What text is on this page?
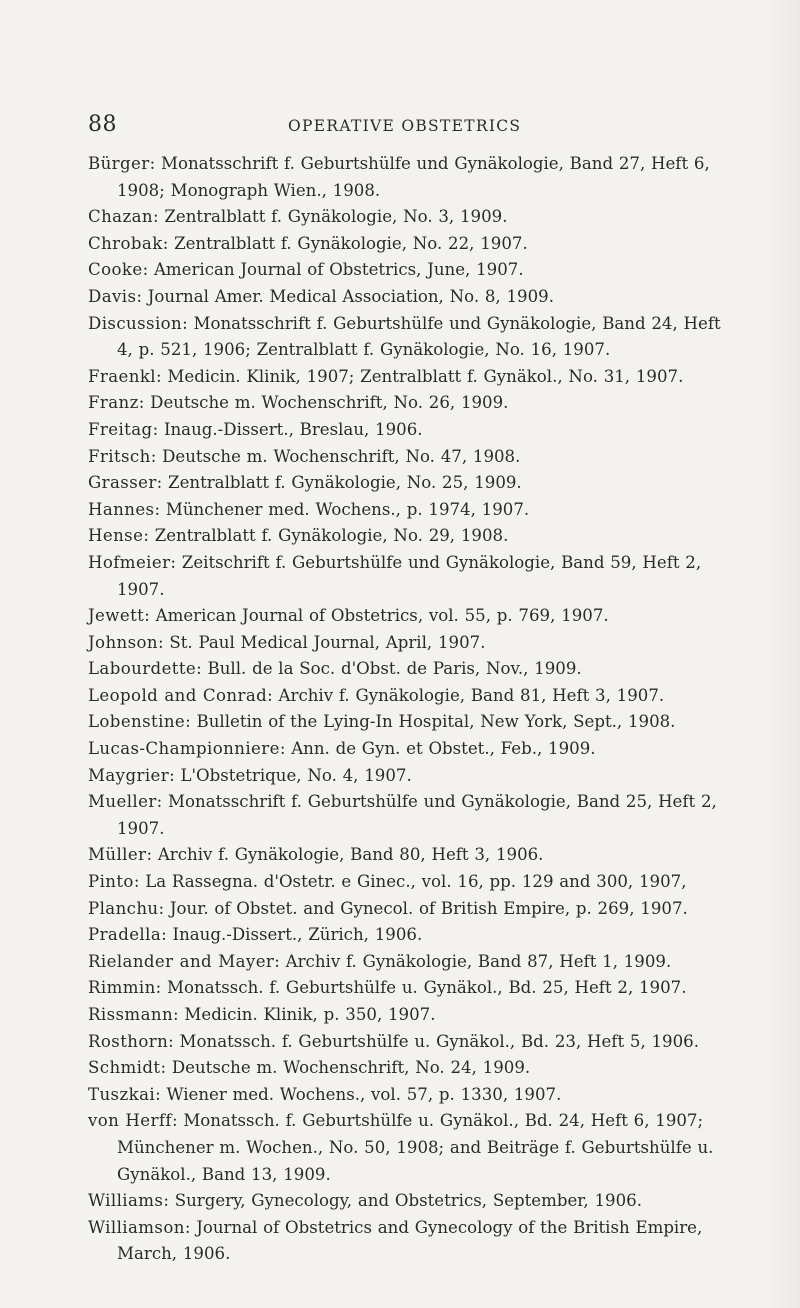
88	OPERATIVE OBSTETRICS
Bürger: Monatsschrift f. Geburtshülfe und Gynäkologie, Band 27, Heft 6, 1908; Monograph Wien., 1908.
Chazan: Zentralblatt f. Gynäkologie, No. 3, 1909.
Chrobak: Zentralblatt f. Gynäkologie, No. 22, 1907.
Cooke: American Journal of Obstetrics, June, 1907.
Davis: Journal Amer. Medical Association, No. 8, 1909.
Discussion: Monatsschrift f. Geburtshülfe und Gynäkologie, Band 24, Heft 4, p. 521, 1906; Zentralblatt f. Gynäkologie, No. 16, 1907.
Fraenkl: Medicin. Klinik, 1907; Zentralblatt f. Gynäkol., No. 31, 1907.
Franz: Deutsche m. Wochenschrift, No. 26, 1909.
Freitag: Inaug.-Dissert., Breslau, 1906.
Fritsch: Deutsche m. Wochenschrift, No. 47, 1908.
Grasser: Zentralblatt f. Gynäkologie, No. 25, 1909.
Hannes: Münchener med. Wochens., p. 1974, 1907.
Hense: Zentralblatt f. Gynäkologie, No. 29, 1908.
Hofmeier: Zeitschrift f. Geburtshülfe und Gynäkologie, Band 59, Heft 2, 1907.
Jewett: American Journal of Obstetrics, vol. 55, p. 769, 1907.
Johnson: St. Paul Medical Journal, April, 1907.
Labourdette: Bull. de la Soc. d'Obst. de Paris, Nov., 1909.
Leopold and Conrad: Archiv f. Gynäkologie, Band 81, Heft 3, 1907.
Lobenstine: Bulletin of the Lying-In Hospital, New York, Sept., 1908.
Lucas-Championniere: Ann. de Gyn. et Obstet., Feb., 1909.
Maygrier: L'Obstetrique, No. 4, 1907.
Mueller: Monatsschrift f. Geburtshülfe und Gynäkologie, Band 25, Heft 2, 1907.
Müller: Archiv f. Gynäkologie, Band 80, Heft 3, 1906.
Pinto: La Rassegna. d'Ostetr. e Ginec., vol. 16, pp. 129 and 300, 1907,
Planchu: Jour. of Obstet. and Gynecol. of British Empire, p. 269, 1907.
Pradella: Inaug.-Dissert., Zürich, 1906.
Rielander and Mayer: Archiv f. Gynäkologie, Band 87, Heft 1, 1909.
Rimmin: Monatssch. f. Geburtshülfe u. Gynäkol., Bd. 25, Heft 2, 1907.
Rissmann: Medicin. Klinik, p. 350, 1907.
Rosthorn: Monatssch. f. Geburtshülfe u. Gynäkol., Bd. 23, Heft 5, 1906.
Schmidt: Deutsche m. Wochenschrift, No. 24, 1909.
Tuszkai: Wiener med. Wochens., vol. 57, p. 1330, 1907.
von Herff: Monatssch. f. Geburtshülfe u. Gynäkol., Bd. 24, Heft 6, 1907; Münchener m. Wochen., No. 50, 1908; and Beiträge f. Geburtshülfe u. Gynäkol., Band 13, 1909.
Williams: Surgery, Gynecology, and Obstetrics, September, 1906.
Williamson: Journal of Obstetrics and Gynecology of the British Empire, March, 1906.
